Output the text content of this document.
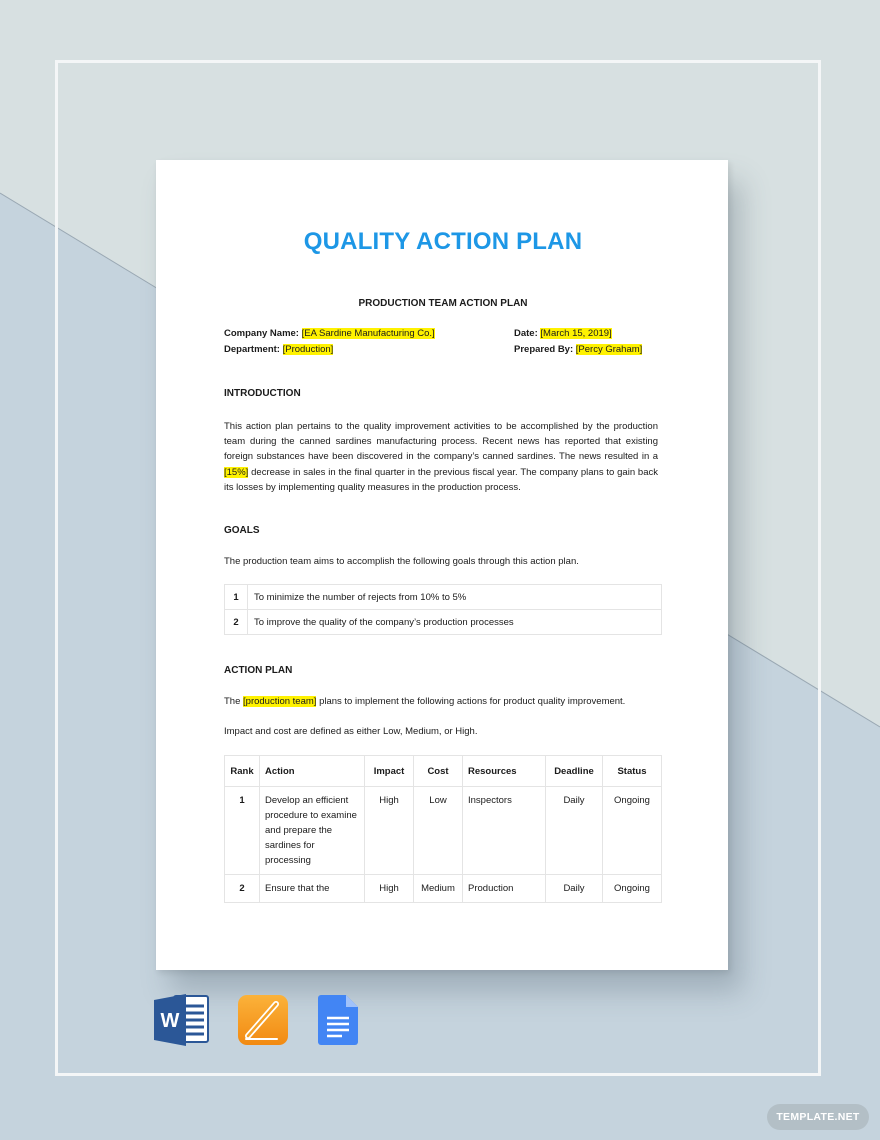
QUALITY ACTION PLAN
PRODUCTION TEAM ACTION PLAN
Company Name: [EA Sardine Manufacturing Co.]
Department: [Production]
Date: [March 15, 2019]
Prepared By: [Percy Graham]
INTRODUCTION
This action plan pertains to the quality improvement activities to be accomplished by the production team during the canned sardines manufacturing process. Recent news has reported that existing foreign substances have been discovered in the company’s canned sardines. The news resulted in a [15%] decrease in sales in the final quarter in the previous fiscal year. The company plans to gain back its losses by implementing quality measures in the production process.
GOALS
The production team aims to accomplish the following goals through this action plan.
1	To minimize the number of rejects from 10% to 5%
2	To improve the quality of the company’s production processes
ACTION PLAN
The [production team] plans to implement the following actions for product quality improvement.
Impact and cost are defined as either Low, Medium, or High.
Rank	Action	Impact	Cost	Resources	Deadline	Status
1	Develop an efficient procedure to examine and prepare the sardines for processing	High	Low	Inspectors	Daily	Ongoing
2	Ensure that the	High	Medium	Production	Daily	Ongoing
W
TEMPLATE.NET
